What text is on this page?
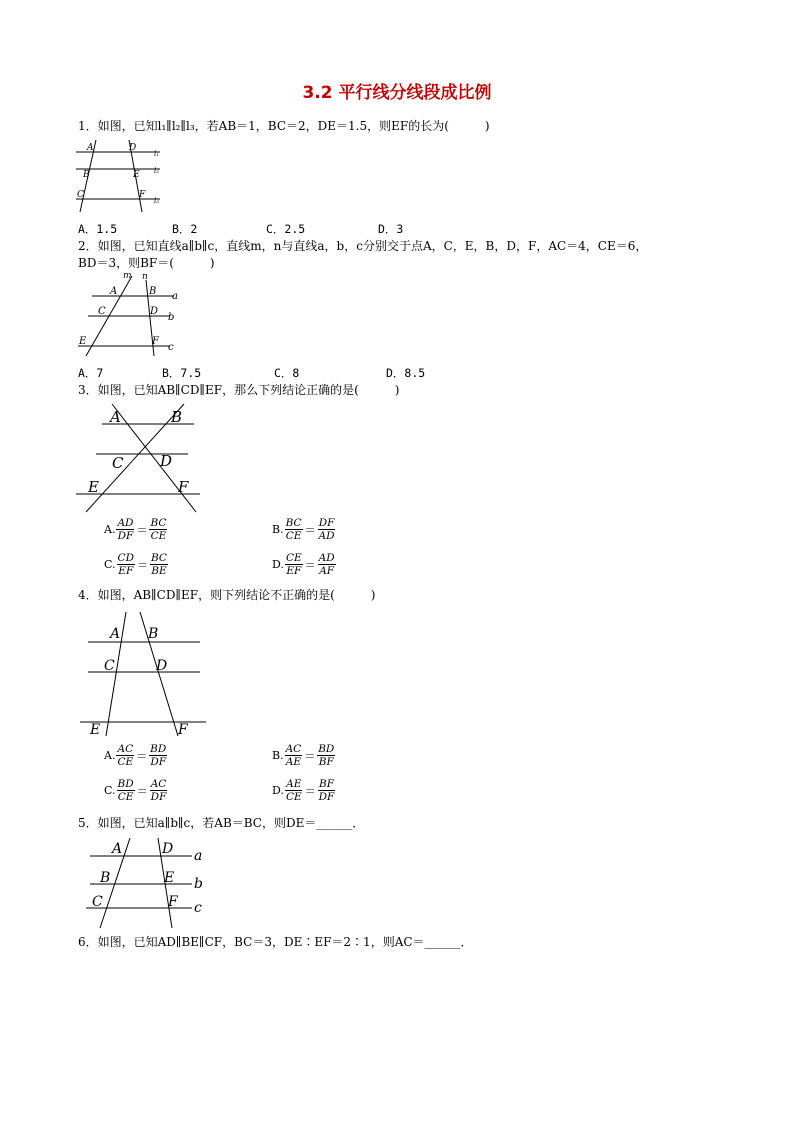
3.2 平行线分线段成比例
1．如图，已知l₁∥l₂∥l₃，若AB＝1，BC＝2，DE＝1.5，则EF的长为(　　　)
A	D
B	E
C	F
l₁
l₂
l₃
A．1.5	B．2	C．2.5	D．3
2．如图，已知直线a∥b∥c，直线m，n与直线a，b，c分别交于点A，C，E，B，D，F，AC＝4，CE＝6，
BD＝3，则BF＝(　　　)
m n
A	B a
C	D
b
E	F
c
A．7	B．7.5	C．8	D．8.5
3．如图，已知AB∥CD∥EF，那么下列结论正确的是(　　　)
A	B
C D
E	F
A. $\frac{AD}{DF} = \frac{BC}{CE}$	B. $\frac{BC}{CE} = \frac{DF}{AD}$
C. $\frac{CD}{EF} = \frac{BC}{BE}$	D. $\frac{CE}{EF} = \frac{AD}{AF}$
4．如图，AB∥CD∥EF，则下列结论不正确的是(　　　)
A B
C	D
E	F
A. $\frac{AC}{CE} = \frac{BD}{DF}$	B. $\frac{AC}{AE} = \frac{BD}{BF}$
C. $\frac{BD}{CE} = \frac{AC}{DF}$	D. $\frac{AE}{CE} = \frac{BF}{DF}$
5．如图，已知a∥b∥c，若AB＝BC，则DE＝______．
A	D a
B	E b
C	F c
6．如图，已知AD∥BE∥CF，BC＝3，DE∶EF＝2∶1，则AC＝______．
